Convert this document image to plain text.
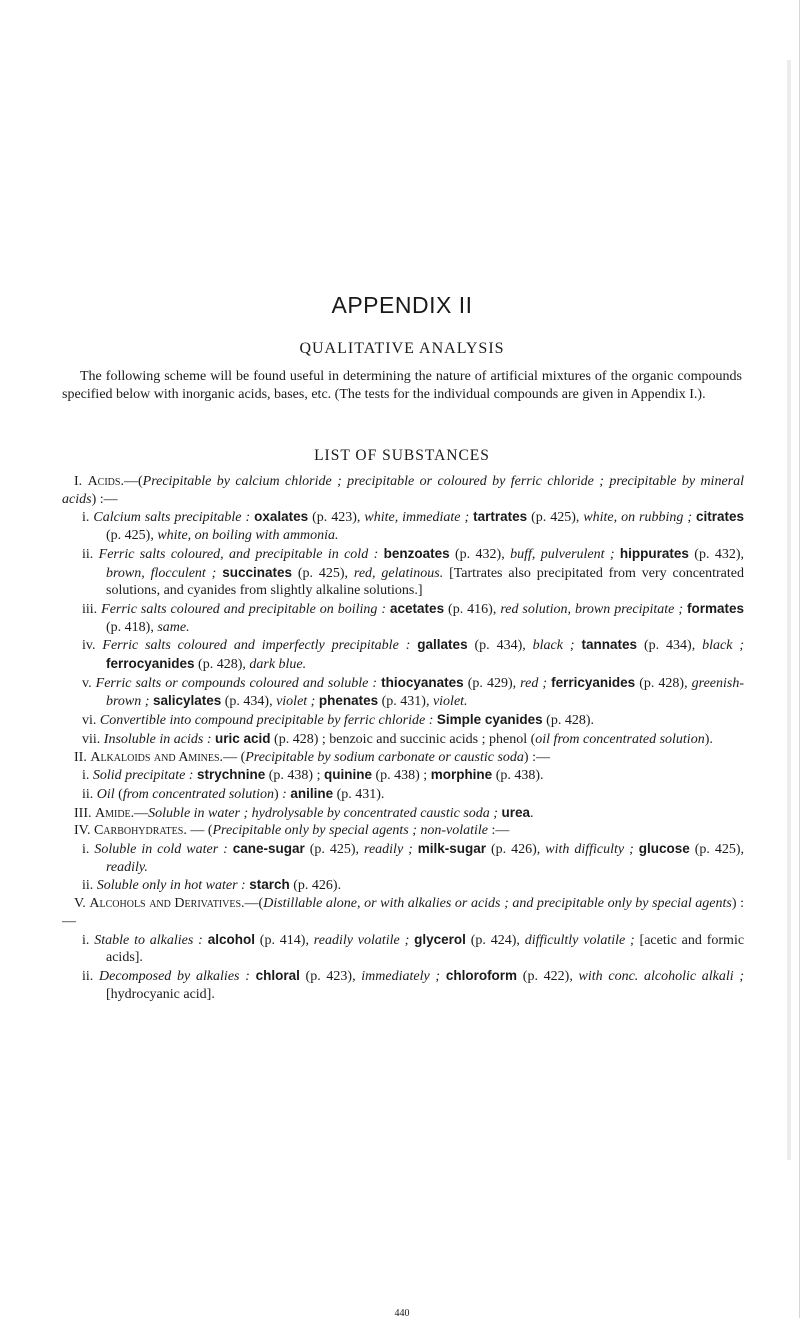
APPENDIX II
QUALITATIVE ANALYSIS

The following scheme will be found useful in determining the nature of artificial mixtures of the organic compounds specified below with inorganic acids, bases, etc. (The tests for the individual compounds are given in Appendix I.).

LIST OF SUBSTANCES

I. Acids.—(Precipitable by calcium chloride ; precipitable or coloured by ferric chloride ; precipitable by mineral acids) :—

i. Calcium salts precipitable : oxalates (p. 423), white, immediate ; tartrates (p. 425), white, on rubbing ; citrates (p. 425), white, on boiling with ammonia.

ii. Ferric salts coloured, and precipitable in cold : benzoates (p. 432), buff, pulverulent ; hippurates (p. 432), brown, flocculent ; succinates (p. 425), red, gelatinous. [Tartrates also precipitated from very concentrated solutions, and cyanides from slightly alkaline solutions.]

iii. Ferric salts coloured and precipitable on boiling : acetates (p. 416), red solution, brown precipitate ; formates (p. 418), same.

iv. Ferric salts coloured and imperfectly precipitable : gallates (p. 434), black ; tannates (p. 434), black ; ferrocyanides (p. 428), dark blue.

v. Ferric salts or compounds coloured and soluble : thiocyanates (p. 429), red ; ferricyanides (p. 428), greenish-brown ; salicylates (p. 434), violet ; phenates (p. 431), violet.

vi. Convertible into compound precipitable by ferric chloride : Simple cyanides (p. 428).

vii. Insoluble in acids : uric acid (p. 428) ; benzoic and succinic acids ; phenol (oil from concentrated solution).

II. Alkaloids and Amines.— (Precipitable by sodium carbonate or caustic soda) :—

i. Solid precipitate : strychnine (p. 438) ; quinine (p. 438) ; morphine (p. 438).

ii. Oil (from concentrated solution) : aniline (p. 431).

III. Amide.—Soluble in water ; hydrolysable by concentrated caustic soda ; urea.

IV. Carbohydrates. — (Precipitable only by special agents ; non-volatile :—

i. Soluble in cold water : cane-sugar (p. 425), readily ; milk-sugar (p. 426), with difficulty ; glucose (p. 425), readily.

ii. Soluble only in hot water : starch (p. 426).

V. Alcohols and Derivatives.—(Distillable alone, or with alkalies or acids ; and precipitable only by special agents) :—

i. Stable to alkalies : alcohol (p. 414), readily volatile ; glycerol (p. 424), difficultly volatile ; [acetic and formic acids].

ii. Decomposed by alkalies : chloral (p. 423), immediately ; chloroform (p. 422), with conc. alcoholic alkali ; [hydrocyanic acid].

440
